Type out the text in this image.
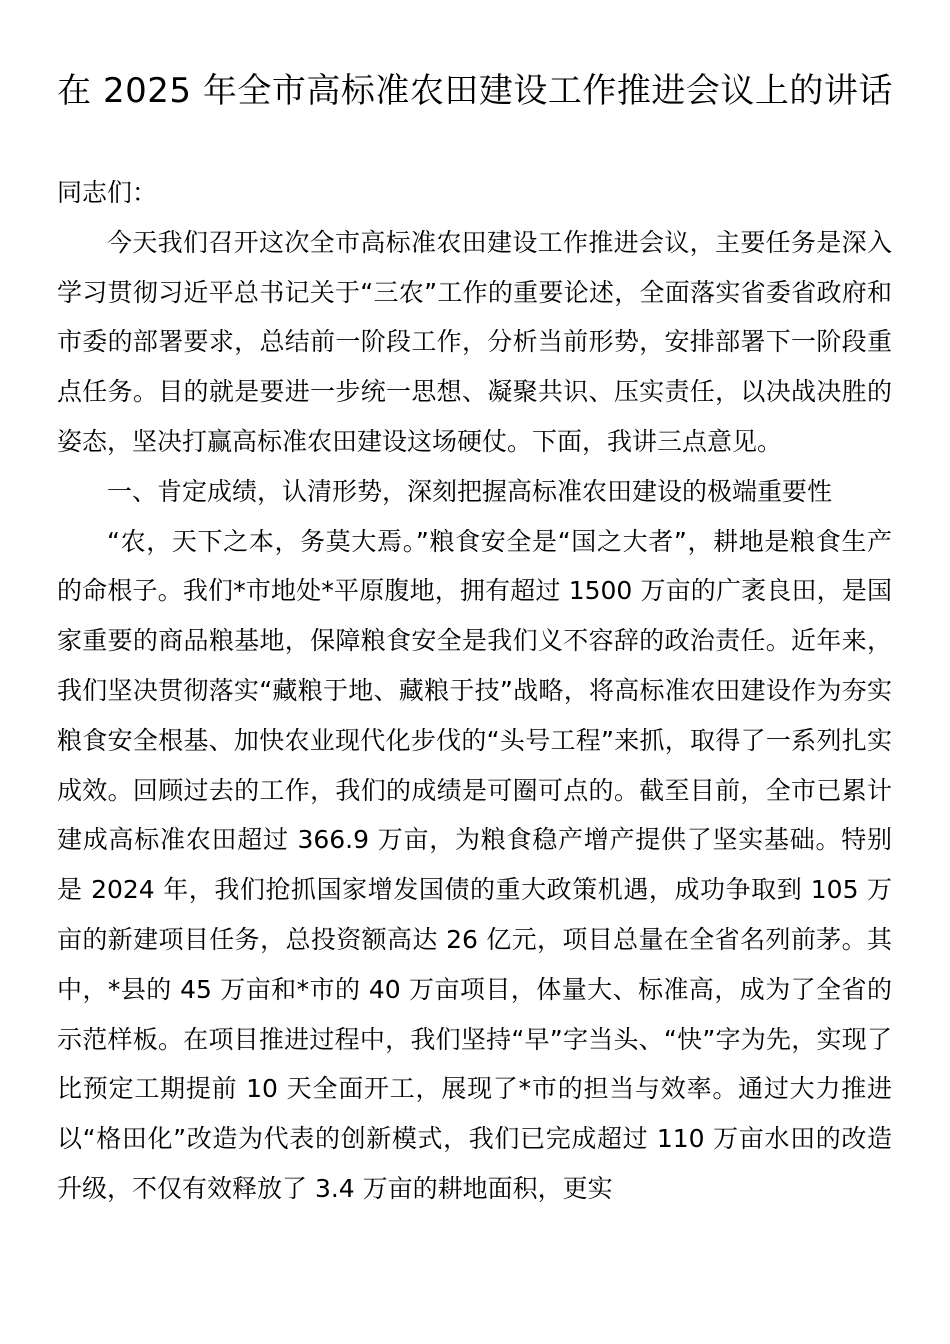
在 2025 年全市高标准农田建设工作推进会议上的讲话

同志们：

今天我们召开这次全市高标准农田建设工作推进会议，主要任务是深入学习贯彻习近平总书记关于“三农”工作的重要论述，全面落实省委省政府和市委的部署要求，总结前一阶段工作，分析当前形势，安排部署下一阶段重点任务。目的就是要进一步统一思想、凝聚共识、压实责任，以决战决胜的姿态，坚决打赢高标准农田建设这场硬仗。下面，我讲三点意见。

一、肯定成绩，认清形势，深刻把握高标准农田建设的极端重要性

“农，天下之本，务莫大焉。”粮食安全是“国之大者”，耕地是粮食生产的命根子。我们*市地处*平原腹地，拥有超过 1500 万亩的广袤良田，是国家重要的商品粮基地，保障粮食安全是我们义不容辞的政治责任。近年来，我们坚决贯彻落实“藏粮于地、藏粮于技”战略，将高标准农田建设作为夯实粮食安全根基、加快农业现代化步伐的“头号工程”来抓，取得了一系列扎实成效。回顾过去的工作，我们的成绩是可圈可点的。截至目前，全市已累计建成高标准农田超过 366.9 万亩，为粮食稳产增产提供了坚实基础。特别是 2024 年，我们抢抓国家增发国债的重大政策机遇，成功争取到 105 万亩的新建项目任务，总投资额高达 26 亿元，项目总量在全省名列前茅。其中，*县的 45 万亩和*市的 40 万亩项目，体量大、标准高，成为了全省的示范样板。在项目推进过程中，我们坚持“早”字当头、“快”字为先，实现了比预定工期提前 10 天全面开工，展现了*市的担当与效率。通过大力推进以“格田化”改造为代表的创新模式，我们已完成超过 110 万亩水田的改造升级，不仅有效释放了 3.4 万亩的耕地面积，更实
